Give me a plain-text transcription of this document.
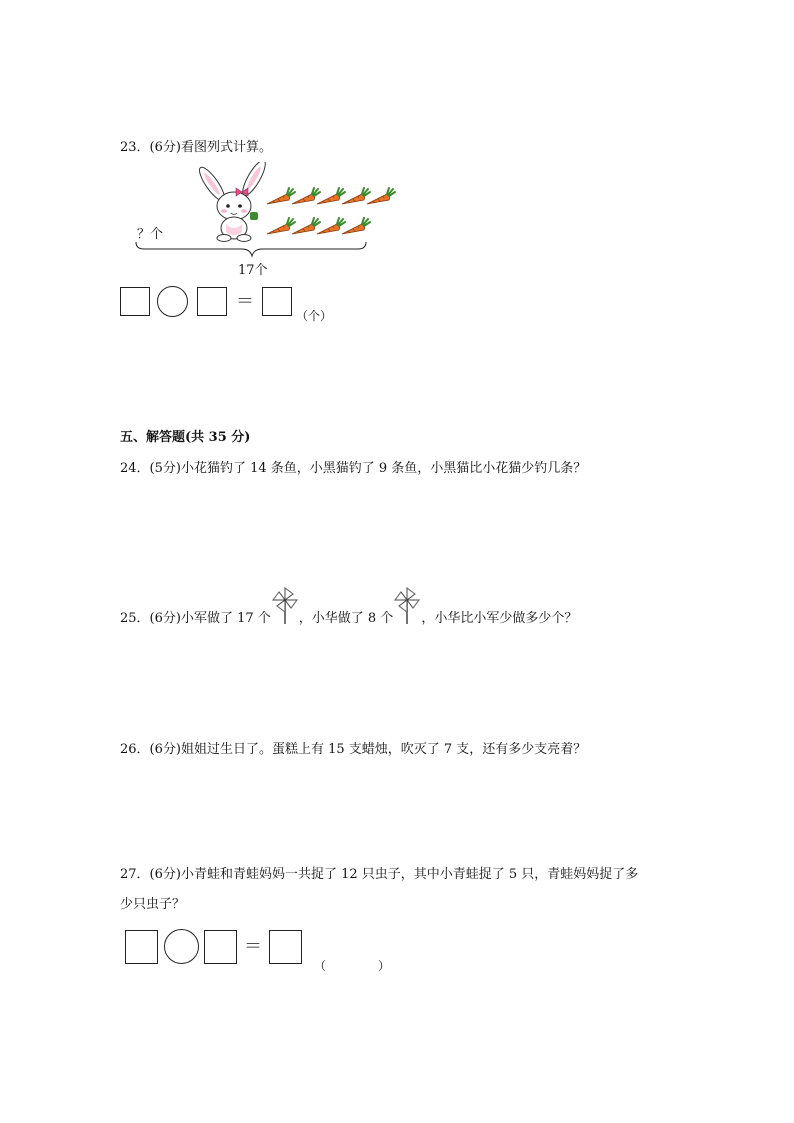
23．(6分)看图列式计算。
？个
17个
＝
（个）
五、解答题(共 35 分)
24．(5分)小花猫钓了 14 条鱼，小黑猫钓了 9 条鱼，小黑猫比小花猫少钓几条？
25．(6分)小军做了 17 个 ，小华做了 8 个 ，小华比小军少做多少个？
26．(6分)姐姐过生日了。蛋糕上有 15 支蜡烛，吹灭了 7 支，还有多少支亮着？
27．(6分)小青蛙和青蛙妈妈一共捉了 12 只虫子，其中小青蛙捉了 5 只，青蛙妈妈捉了多
少只虫子？
＝
（	）
